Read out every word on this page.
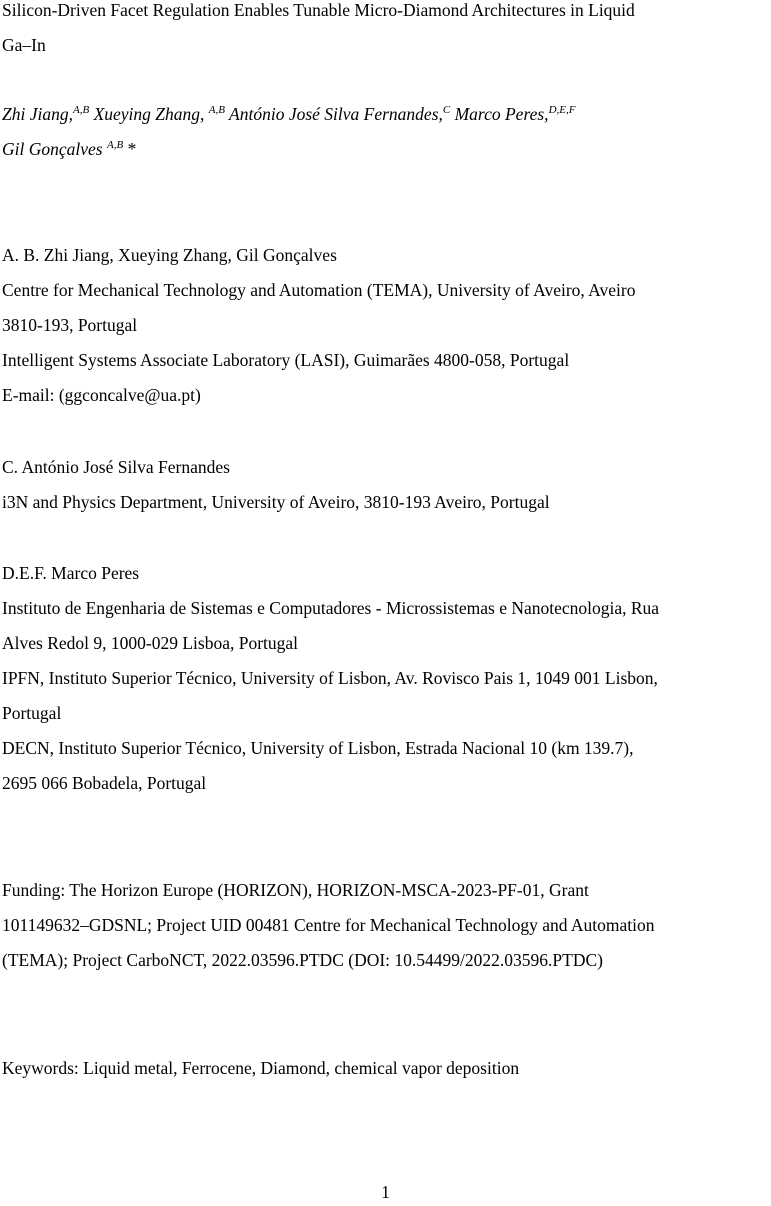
Silicon-Driven Facet Regulation Enables Tunable Micro-Diamond Architectures in Liquid
Ga–In
Zhi Jiang,$^{A,B}$ Xueying Zhang, $^{A,B}$ António José Silva Fernandes,$^C$ Marco Peres,$^{D,E,F}$
Gil Gonçalves $^{A,B}$ *
A. B. Zhi Jiang, Xueying Zhang, Gil Gonçalves
Centre for Mechanical Technology and Automation (TEMA), University of Aveiro, Aveiro
3810-193, Portugal
Intelligent Systems Associate Laboratory (LASI), Guimarães 4800-058, Portugal
E-mail: (ggconcalve@ua.pt)
C. António José Silva Fernandes
i3N and Physics Department, University of Aveiro, 3810-193 Aveiro, Portugal
D.E.F. Marco Peres
Instituto de Engenharia de Sistemas e Computadores - Microssistemas e Nanotecnologia, Rua
Alves Redol 9, 1000-029 Lisboa, Portugal
IPFN, Instituto Superior Técnico, University of Lisbon, Av. Rovisco Pais 1, 1049 001 Lisbon,
Portugal
DECN, Instituto Superior Técnico, University of Lisbon, Estrada Nacional 10 (km 139.7),
2695 066 Bobadela, Portugal
Funding: The Horizon Europe (HORIZON), HORIZON-MSCA-2023-PF-01, Grant
101149632–GDSNL; Project UID 00481 Centre for Mechanical Technology and Automation
(TEMA); Project CarboNCT, 2022.03596.PTDC (DOI: 10.54499/2022.03596.PTDC)
Keywords: Liquid metal, Ferrocene, Diamond, chemical vapor deposition
1
